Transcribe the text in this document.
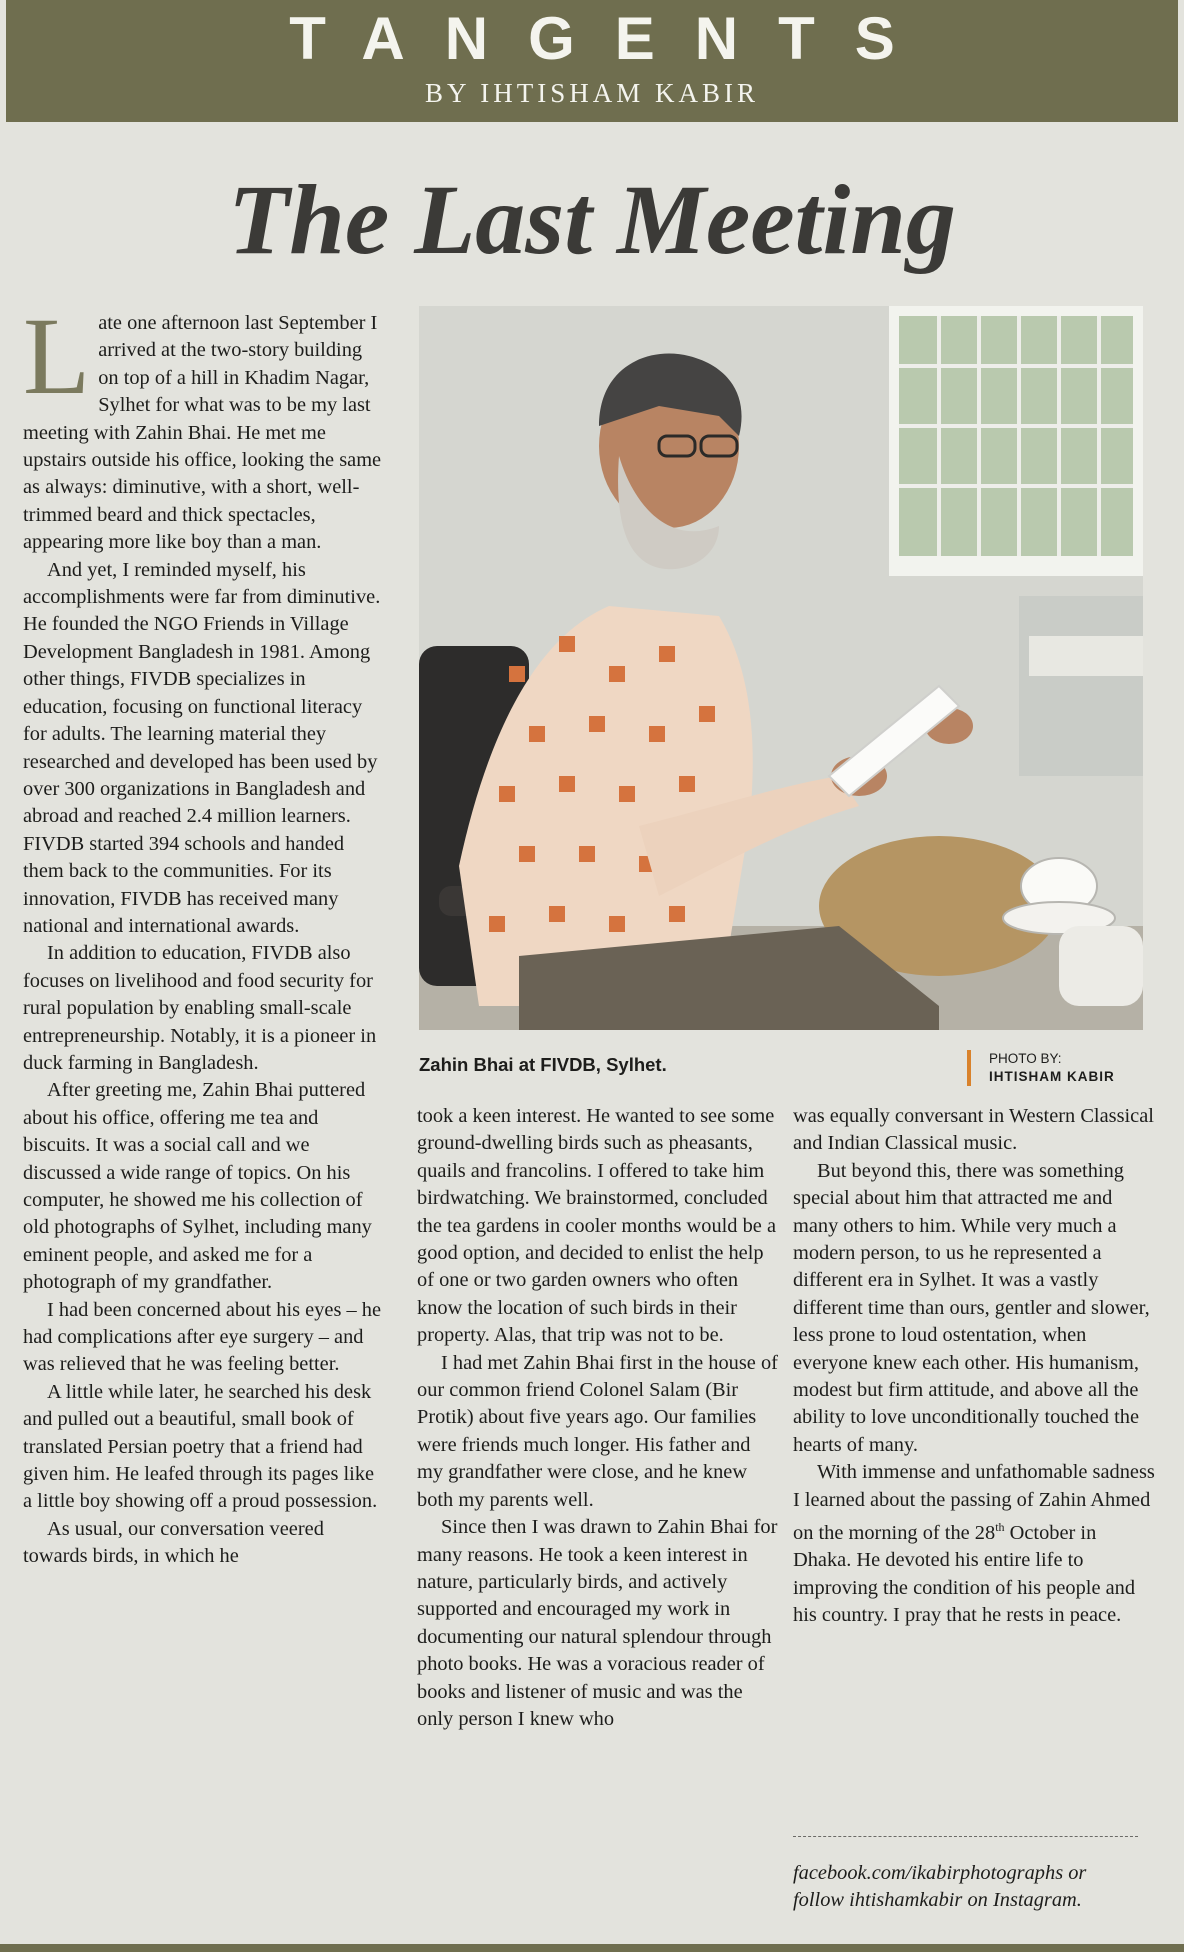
TANGENTS
BY IHTISHAM KABIR
The Last Meeting

Late one afternoon last September I arrived at the two-story building on top of a hill in Khadim Nagar, Sylhet for what was to be my last meeting with Zahin Bhai. He met me upstairs outside his office, looking the same as always: diminutive, with a short, well-trimmed beard and thick spectacles, appearing more like boy than a man.

And yet, I reminded myself, his accomplishments were far from diminutive. He founded the NGO Friends in Village Development Bangladesh in 1981. Among other things, FIVDB specializes in education, focusing on functional literacy for adults. The learning material they researched and developed has been used by over 300 organizations in Bangladesh and abroad and reached 2.4 million learners. FIVDB started 394 schools and handed them back to the communities. For its innovation, FIVDB has received many national and international awards.

In addition to education, FIVDB also focuses on livelihood and food security for rural population by enabling small-scale entrepreneurship. Notably, it is a pioneer in duck farming in Bangladesh.

After greeting me, Zahin Bhai puttered about his office, offering me tea and biscuits. It was a social call and we discussed a wide range of topics. On his computer, he showed me his collection of old photographs of Sylhet, including many eminent people, and asked me for a photograph of my grandfather.

I had been concerned about his eyes – he had complications after eye surgery – and was relieved that he was feeling better.

A little while later, he searched his desk and pulled out a beautiful, small book of translated Persian poetry that a friend had given him. He leafed through its pages like a little boy showing off a proud possession.

As usual, our conversation veered towards birds, in which he

Zahin Bhai at FIVDB, Sylhet.	PHOTO BY:
IHTISHAM KABIR

took a keen interest. He wanted to see some ground-dwelling birds such as pheasants, quails and francolins. I offered to take him birdwatching. We brainstormed, concluded the tea gardens in cooler months would be a good option, and decided to enlist the help of one or two garden owners who often know the location of such birds in their property. Alas, that trip was not to be.

I had met Zahin Bhai first in the house of our common friend Colonel Salam (Bir Protik) about five years ago. Our families were friends much longer. His father and my grandfather were close, and he knew both my parents well.

Since then I was drawn to Zahin Bhai for many reasons. He took a keen interest in nature, particularly birds, and actively supported and encouraged my work in documenting our natural splendour through photo books. He was a voracious reader of books and listener of music and was the only person I knew who

was equally conversant in Western Classical and Indian Classical music.

But beyond this, there was something special about him that attracted me and many others to him. While very much a modern person, to us he represented a different era in Sylhet. It was a vastly different time than ours, gentler and slower, less prone to loud ostentation, when everyone knew each other. His humanism, modest but firm attitude, and above all the ability to love unconditionally touched the hearts of many.

With immense and unfathomable sadness I learned about the passing of Zahin Ahmed on the morning of the 28th October in Dhaka. He devoted his entire life to improving the condition of his people and his country. I pray that he rests in peace.

facebook.com/ikabirphotographs or
follow ihtishamkabir on Instagram.
